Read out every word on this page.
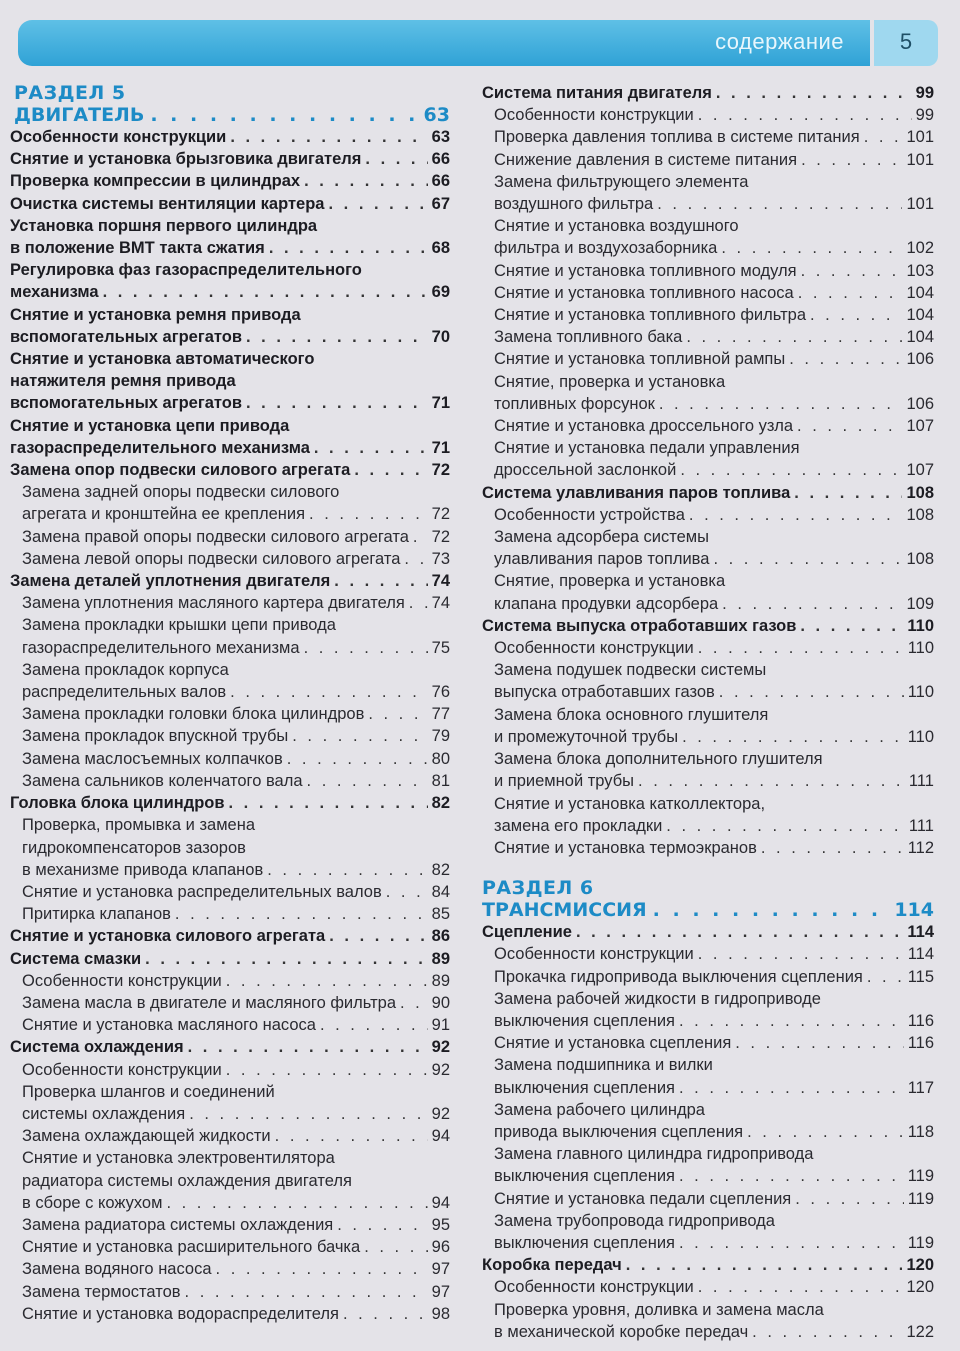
содержание	5
РАЗДЕЛ 5
ДВИГАТЕЛЬ . . .	63
Особенности конструкции . . .	63
Снятие и установка брызговика двигателя . . .	66
Проверка компрессии в цилиндрах . . .	66
Очистка системы вентиляции картера . . .	67
Установка поршня первого цилиндра
в положение ВМТ такта сжатия . . .	68
Регулировка фаз газораспределительного
механизма . . .	69
Снятие и установка ремня привода
вспомогательных агрегатов . . .	70
Снятие и установка автоматического
натяжителя ремня привода
вспомогательных агрегатов . . .	71
Снятие и установка цепи привода
газораспределительного механизма . . .	71
Замена опор подвески силового агрегата . . .	72
Замена задней опоры подвески силового
агрегата и кронштейна ее крепления . . .	72
Замена правой опоры подвески силового агрегата . . . 72
Замена левой опоры подвески силового агрегата . . . 73
Замена деталей уплотнения двигателя . . .	74
Замена уплотнения масляного картера двигателя . . . 74
Замена прокладки крышки цепи привода
газораспределительного механизма . . .	75
Замена прокладок корпуса
распределительных валов . . .	76
Замена прокладки головки блока цилиндров . . .	77
Замена прокладок впускной трубы . . .	79
Замена маслосъемных колпачков . . .	80
Замена сальников коленчатого вала . . .	81
Головка блока цилиндров . . .	82
Проверка, промывка и замена
гидрокомпенсаторов зазоров
в механизме привода клапанов . . .	82
Снятие и установка распределительных валов . . .	84
Притирка клапанов . . .	85
Снятие и установка силового агрегата . . .	86
Система смазки . . .	89
Особенности конструкции . . .	89
Замена масла в двигателе и масляного фильтра . . . 90
Снятие и установка масляного насоса . . .	91
Система охлаждения . . .	92
Особенности конструкции . . .	92
Проверка шлангов и соединений
системы охлаждения . . .	92
Замена охлаждающей жидкости . . .	94
Снятие и установка электровентилятора
радиатора системы охлаждения двигателя
в сборе с кожухом . . .	94
Замена радиатора системы охлаждения . . .	95
Снятие и установка расширительного бачка . . .	96
Замена водяного насоса . . .	97
Замена термостатов . . .	97
Снятие и установка водораспределителя . . .	98
Система питания двигателя . . .	99
Особенности конструкции . . .	99
Проверка давления топлива в системе питания . . .	101
Снижение давления в системе питания . . .	101
Замена фильтрующего элемента
воздушного фильтра . . .	101
Снятие и установка воздушного
фильтра и воздухозаборника . . .	102
Снятие и установка топливного модуля . . .	103
Снятие и установка топливного насоса . . .	104
Снятие и установка топливного фильтра . . .	104
Замена топливного бака . . .	104
Снятие и установка топливной рампы . . .	106
Снятие, проверка и установка
топливных форсунок . . .	106
Снятие и установка дроссельного узла . . .	107
Снятие и установка педали управления
дроссельной заслонкой . . .	107
Система улавливания паров топлива . . .	108
Особенности устройства . . .	108
Замена адсорбера системы
улавливания паров топлива . . .	108
Снятие, проверка и установка
клапана продувки адсорбера . . .	109
Система выпуска отработавших газов . . .	110
Особенности конструкции . . .	110
Замена подушек подвески системы
выпуска отработавших газов . . .	110
Замена блока основного глушителя
и промежуточной трубы . . .	110
Замена блока дополнительного глушителя
и приемной трубы . . .	111
Снятие и установка катколлектора,
замена его прокладки . . .	111
Снятие и установка термоэкранов . . .	112
РАЗДЕЛ 6
ТРАНСМИССИЯ . . .	114
Сцепление . . .	114
Особенности конструкции . . .	114
Прокачка гидропривода выключения сцепления . . .	115
Замена рабочей жидкости в гидроприводе
выключения сцепления . . .	116
Снятие и установка сцепления . . .	116
Замена подшипника и вилки
выключения сцепления . . .	117
Замена рабочего цилиндра
привода выключения сцепления . . .	118
Замена главного цилиндра гидропривода
выключения сцепления . . .	119
Снятие и установка педали сцепления . . .	119
Замена трубопровода гидропривода
выключения сцепления . . .	119
Коробка передач . . .	120
Особенности конструкции . . .	120
Проверка уровня, доливка и замена масла
в механической коробке передач . . .	122
